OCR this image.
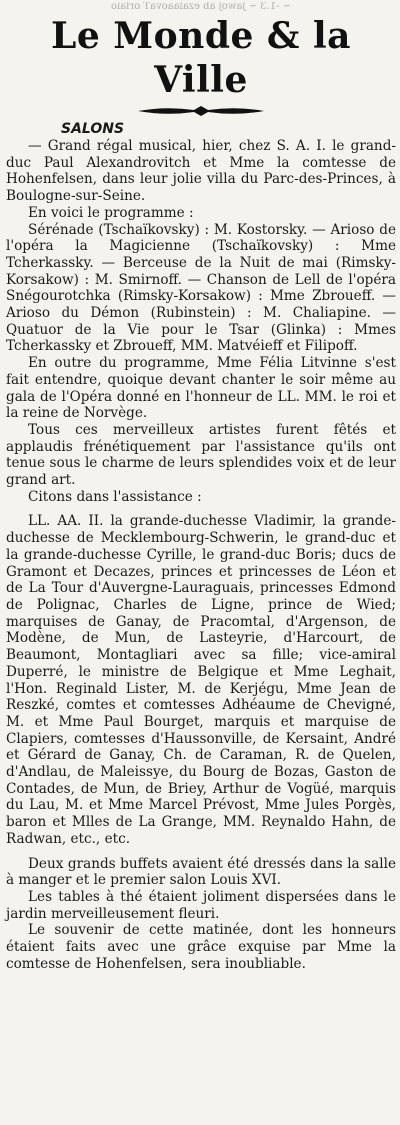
~ -1.3 ~ jawoj ab ezaiaaovaT orlaio
Le Monde & la Ville
SALONS

— Grand régal musical, hier, chez S. A. I. le grand-duc Paul Alexandrovitch et Mme la comtesse de Hohenfelsen, dans leur jolie villa du Parc-des-Princes, à Boulogne-sur-Seine.

En voici le programme :

Sérénade (Tschaïkovsky) : M. Kostorsky. — Arioso de l'opéra la Magicienne (Tschaïkovsky) : Mme Tcherkassky. — Berceuse de la Nuit de mai (Rimsky-Korsakow) : M. Smirnoff. — Chanson de Lell de l'opéra Snégourotchka (Rimsky-Korsakow) : Mme Zbroueff. — Arioso du Démon (Rubinstein) : M. Chaliapine. — Quatuor de la Vie pour le Tsar (Glinka) : Mmes Tcherkassky et Zbroueff, MM. Matvéieff et Filipoff.

En outre du programme, Mme Félia Litvinne s'est fait entendre, quoique devant chanter le soir même au gala de l'Opéra donné en l'honneur de LL. MM. le roi et la reine de Norvège.

Tous ces merveilleux artistes furent fêtés et applaudis frénétiquement par l'assistance qu'ils ont tenue sous le charme de leurs splendides voix et de leur grand art.

Citons dans l'assistance :

LL. AA. II. la grande-duchesse Vladimir, la grande-duchesse de Mecklembourg-Schwerin, le grand-duc et la grande-duchesse Cyrille, le grand-duc Boris; ducs de Gramont et Decazes, princes et princesses de Léon et de La Tour d'Auvergne-Lauraguais, princesses Edmond de Polignac, Charles de Ligne, prince de Wied; marquises de Ganay, de Pracomtal, d'Argenson, de Modène, de Mun, de Lasteyrie, d'Harcourt, de Beaumont, Montagliari avec sa fille; vice-amiral Duperré, le ministre de Belgique et Mme Leghait, l'Hon. Reginald Lister, M. de Kerjégu, Mme Jean de Reszké, comtes et comtesses Adhéaume de Chevigné, M. et Mme Paul Bourget, marquis et marquise de Clapiers, comtesses d'Haussonville, de Kersaint, André et Gérard de Ganay, Ch. de Caraman, R. de Quelen, d'Andlau, de Maleissye, du Bourg de Bozas, Gaston de Contades, de Mun, de Briey, Arthur de Vogüé, marquis du Lau, M. et Mme Marcel Prévost, Mme Jules Porgès, baron et Mlles de La Grange, MM. Reynaldo Hahn, de Radwan, etc., etc.

Deux grands buffets avaient été dressés dans la salle à manger et le premier salon Louis XVI.

Les tables à thé étaient joliment dispersées dans le jardin merveilleusement fleuri.

Le souvenir de cette matinée, dont les honneurs étaient faits avec une grâce exquise par Mme la comtesse de Hohenfelsen, sera inoubliable.
